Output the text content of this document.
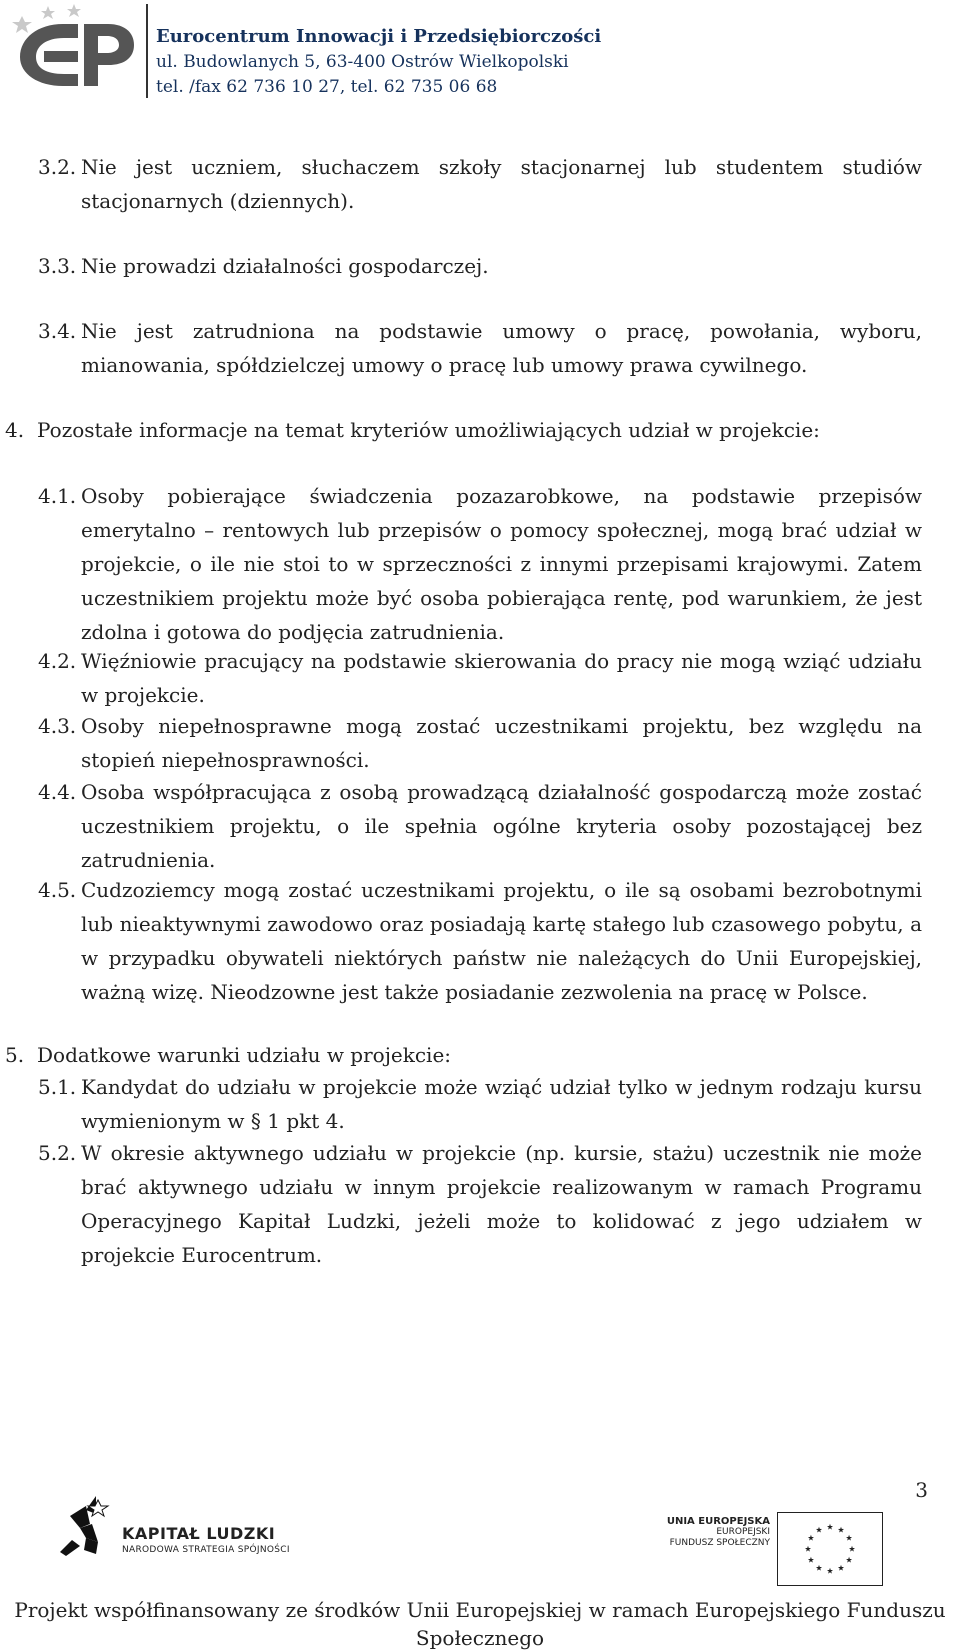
Eurocentrum Innowacji i Przedsiębiorczości
ul. Budowlanych 5, 63-400 Ostrów Wielkopolski
tel. /fax 62 736 10 27, tel. 62 735 06 68
3.2. Nie jest uczniem, słuchaczem szkoły stacjonarnej lub studentem studiów stacjonarnych (dziennych).
3.3. Nie prowadzi działalności gospodarczej.
3.4. Nie jest zatrudniona na podstawie umowy o pracę, powołania, wyboru, mianowania, spółdzielczej umowy o pracę lub umowy prawa cywilnego.
4. Pozostałe informacje na temat kryteriów umożliwiających udział w projekcie:
4.1. Osoby pobierające świadczenia pozazarobkowe, na podstawie przepisów emerytalno – rentowych lub przepisów o pomocy społecznej, mogą brać udział w projekcie, o ile nie stoi to w sprzeczności z innymi przepisami krajowymi. Zatem uczestnikiem projektu może być osoba pobierająca rentę, pod warunkiem, że jest zdolna i gotowa do podjęcia zatrudnienia.
4.2. Więźniowie pracujący na podstawie skierowania do pracy nie mogą wziąć udziału w projekcie.
4.3. Osoby niepełnosprawne mogą zostać uczestnikami projektu, bez względu na stopień niepełnosprawności.
4.4. Osoba współpracująca z osobą prowadzącą działalność gospodarczą może zostać uczestnikiem projektu, o ile spełnia ogólne kryteria osoby pozostającej bez zatrudnienia.
4.5. Cudzoziemcy mogą zostać uczestnikami projektu, o ile są osobami bezrobotnymi lub nieaktywnymi zawodowo oraz posiadają kartę stałego lub czasowego pobytu, a w przypadku obywateli niektórych państw nie należących do Unii Europejskiej, ważną wizę. Nieodzowne jest także posiadanie zezwolenia na pracę w Polsce.
5. Dodatkowe warunki udziału w projekcie:
5.1. Kandydat do udziału w projekcie może wziąć udział tylko w jednym rodzaju kursu wymienionym w § 1 pkt 4.
5.2. W okresie aktywnego udziału w projekcie (np. kursie, stażu) uczestnik nie może brać aktywnego udziału w innym projekcie realizowanym w ramach Programu Operacyjnego Kapitał Ludzki, jeżeli może to kolidować z jego udziałem w projekcie Eurocentrum.
3
KAPITAŁ LUDZKI
NARODOWA STRATEGIA SPÓJNOŚCI
UNIA EUROPEJSKA
EUROPEJSKI
FUNDUSZ SPOŁECZNY
Projekt współfinansowany ze środków Unii Europejskiej w ramach Europejskiego Funduszu Społecznego
